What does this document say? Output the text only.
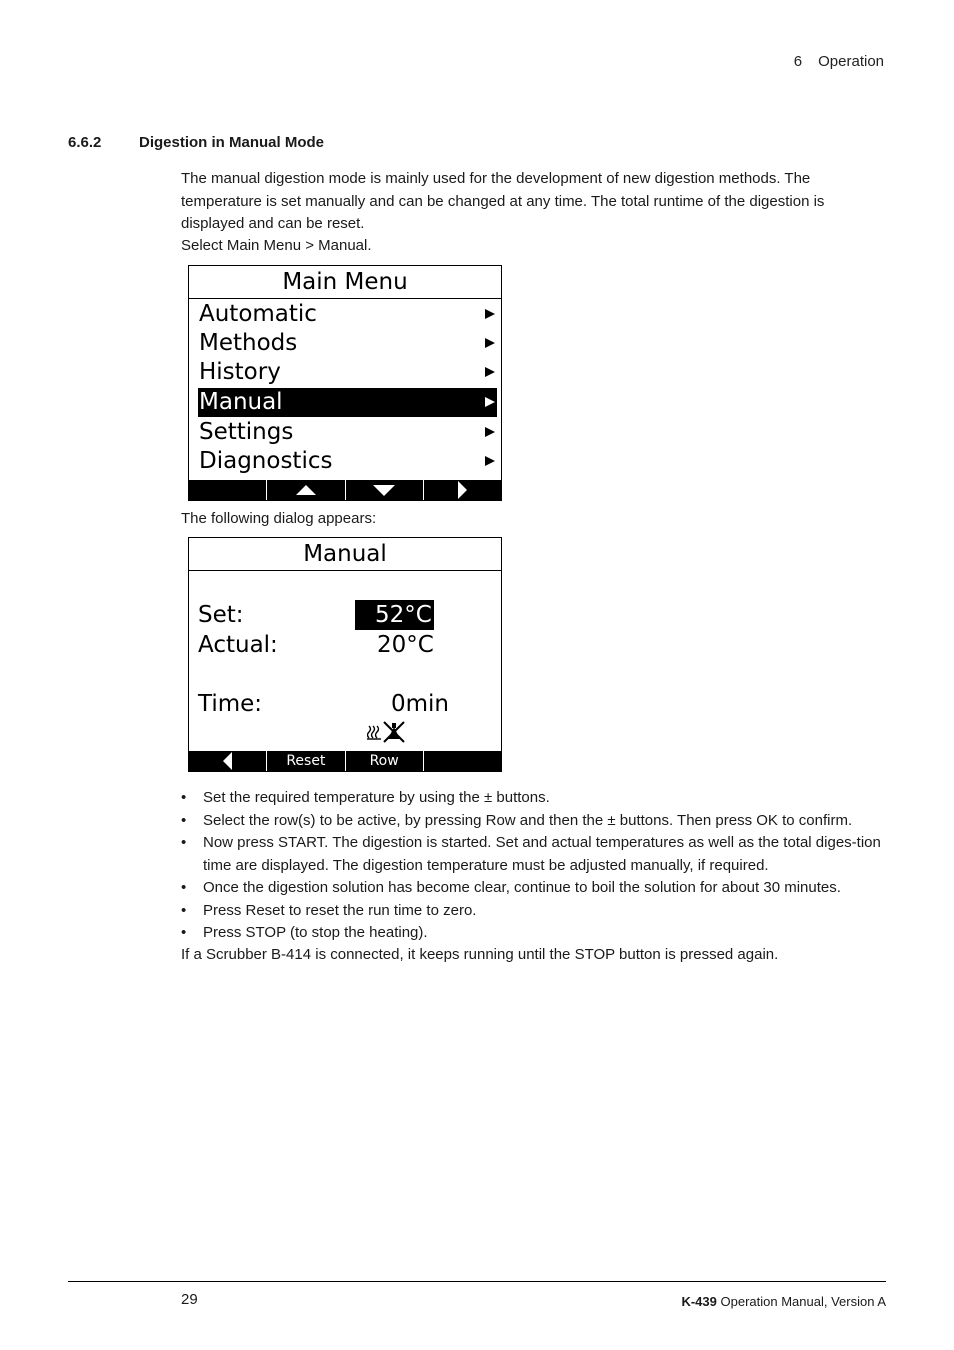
6 Operation
6.6.2	Digestion in Manual Mode
The manual digestion mode is mainly used for the development of new digestion methods. The temperature is set manually and can be changed at any time. The total runtime of the digestion is displayed and can be reset.
Select Main Menu > Manual.
Main Menu
Automatic
Methods
History
Manual
Settings
Diagnostics
The following dialog appears:
Manual
Set:	52°C
Actual:	20°C
Time:	0min
Reset	Row
• Set the required temperature by using the ± buttons.
• Select the row(s) to be active, by pressing Row and then the ± buttons. Then press OK to confirm.
• Now press START. The digestion is started. Set and actual temperatures as well as the total diges-tion time are displayed. The digestion temperature must be adjusted manually, if required.
• Once the digestion solution has become clear, continue to boil the solution for about 30 minutes.
• Press Reset to reset the run time to zero.
• Press STOP (to stop the heating).
If a Scrubber B-414 is connected, it keeps running until the STOP button is pressed again.
29	K-439 Operation Manual, Version A
